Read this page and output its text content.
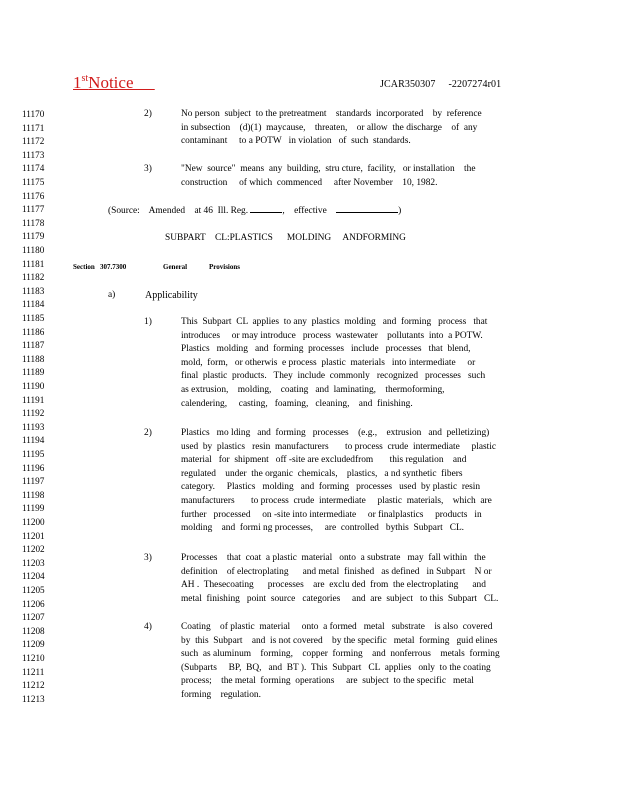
1stNotice	JCAR350307     -2207274r01
11170
11171
11172
11173
11174
11175
11176
11177
11178
11179
11180
11181
11182
11183
11184
11185
11186
11187
11188
11189
11190
11191
11192
11193
11194
11195
11196
11197
11198
11199
11200
11201
11202
11203
11204
11205
11206
11207
11208
11209
11210
11211
11212
11213
2)	No person  subject  to the pretreatment    standards  incorporated    by  reference
in subsection    (d)(1)  maycause,    threaten,    or allow  the discharge    of  any
contaminant     to a POTW   in violation   of  such  standards.
3)	"New  source"  means  any  building,  stru cture,  facility,   or installation    the
construction     of which  commenced     after November    10, 1982.
(Source:    Amended    at 46  Ill. Reg.	,    effective	)
SUBPART    CL:PLASTICS      MOLDING     ANDFORMING
Section 307.7300	General	Provisions
a)	Applicability
1)	This  Subpart  CL  applies  to any  plastics  molding   and  forming   process   that
introduces     or may introduce   process  wastewater    pollutants  into  a POTW.
Plastics   molding   and  forming  processes   include   processes   that  blend,
mold,  form,   or otherwis  e process  plastic  materials   into intermediate     or
final  plastic  products.   They  include  commonly   recognized   processes   such
as extrusion,    molding,    coating   and  laminating,    thermoforming,
calendering,     casting,   foaming,   cleaning,    and  finishing.
2)	Plastics   mo lding   and  forming   processes    (e.g.,    extrusion   and  pelletizing)
used  by  plastics   resin  manufacturers       to process  crude  intermediate     plastic
material   for  shipment   off -site are excludedfrom       this regulation    and
regulated    under  the organic  chemicals,    plastics,   a nd synthetic  fibers
category.     Plastics   molding   and  forming   processes   used  by plastic  resin
manufacturers       to process  crude  intermediate     plastic  materials,    which  are
further   processed     on -site into intermediate     or finalplastics     products   in
molding    and  formi ng processes,     are  controlled   bythis  Subpart   CL.
3)	Processes    that  coat  a plastic  material   onto  a substrate   may  fall within   the
definition    of electroplating      and metal  finished   as defined   in Subpart    N or
AH .  Thesecoating      processes    are  exclu ded  from  the electroplating      and
metal  finishing   point  source   categories     and  are  subject   to this  Subpart   CL.
4)	Coating    of plastic  material     onto  a formed   metal   substrate    is also  covered
by  this  Subpart    and  is not covered    by the specific   metal  forming   guid elines
such  as aluminum    forming,    copper  forming    and  nonferrous    metals  forming
(Subparts     BP,  BQ,   and  BT ).  This  Subpart   CL  applies   only  to the coating
process;    the metal  forming  operations     are  subject  to the specific   metal
forming    regulation.
